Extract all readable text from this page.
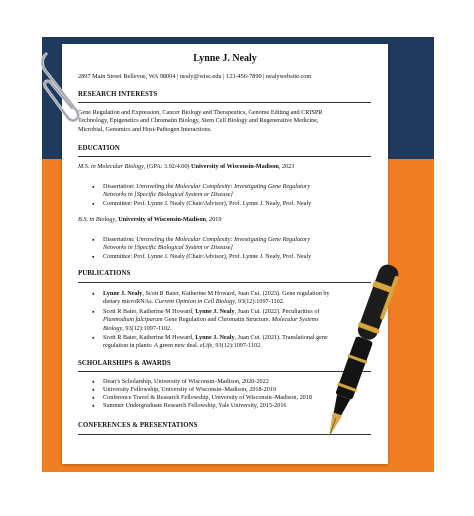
Lynne J. Nealy
2897 Main Street Bellevue, WA 98004 | nealy@wisc.edu | 123-456-7890 | nealywebsite.com
RESEARCH INTERESTS
Gene Regulation and Expression, Cancer Biology and Therapeutics, Genome Editing and CRISPR
Technology, Epigenetics and Chromatin Biology, Stem Cell Biology and Regenerative Medicine,
Microbial, Genomics and Host-Pathogen Interactions.
EDUCATION
M.S. in Molecular Biology, (GPA: 3.92/4.00) University of Wisconsin-Madison, 2023
● Dissertation: Unraveling the Molecular Complexity: Investigating Gene Regulatory
Networks in [Specific Biological System or Disease]
● Committee: Prof. Lynne J. Nealy (Chair/Advisor), Prof. Lynne J. Nealy, Prof. Nealy
B.S. in Biology, University of Wisconsin-Madison, 2019
● Dissertation: Unraveling the Molecular Complexity: Investigating Gene Regulatory
Networks in [Specific Biological System or Disease]
● Committee: Prof. Lynne J. Nealy (Chair/Advisor), Prof. Lynne J. Nealy, Prof. Nealy
PUBLICATIONS
● Lynne J. Nealy, Scott R Baier, Katherine M Howard, Juan Cui. (2023). Gene regulation by
dietary microRNAs. Current Opinion in Cell Biology, 93(12):1097-1102.
● Scott R Baier, Katherine M Howard, Lynne J. Nealy, Juan Cui. (2022). Peculiarities of
Plasmodium falciparum Gene Regulation and Chromatin Structure. Molecular Systems
Biology, 93(12):1097-1102.
● Scott R Baier, Katherine M Howard, Lynne J. Nealy, Juan Cui. (2021). Translational gene
regulation in plants: A green new deal. eLife, 93(12):1097-1102.
SCHOLARSHIPS & AWARDS
● Dean’s Scholarship, University of Wisconsin–Madison, 2020-2022
● University Fellowship, University of Wisconsin–Madison, 2018-2019
● Conference Travel & Research Fellowship, University of Wisconsin–Madison, 2018
● Summer Undergraduate Research Fellowship, Yale University, 2015-2016
CONFERENCES & PRESENTATIONS
